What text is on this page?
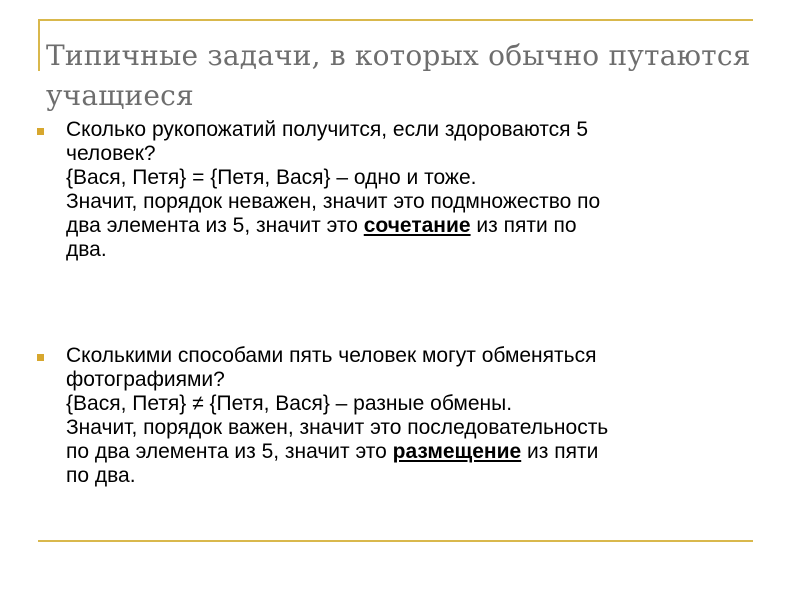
Типичные задачи, в которых обычно путаются учащиеся
Сколько рукопожатий получится, если здороваются 5
человек?
{Вася, Петя} = {Петя, Вася} – одно и тоже.
Значит, порядок неважен, значит это подмножество по
два элемента из 5, значит это сочетание из пяти по
два.
Сколькими способами пять человек могут обменяться
фотографиями?
{Вася, Петя} ≠ {Петя, Вася} – разные обмены.
Значит, порядок важен, значит это последовательность
по два элемента из 5, значит это размещение из пяти
по два.
